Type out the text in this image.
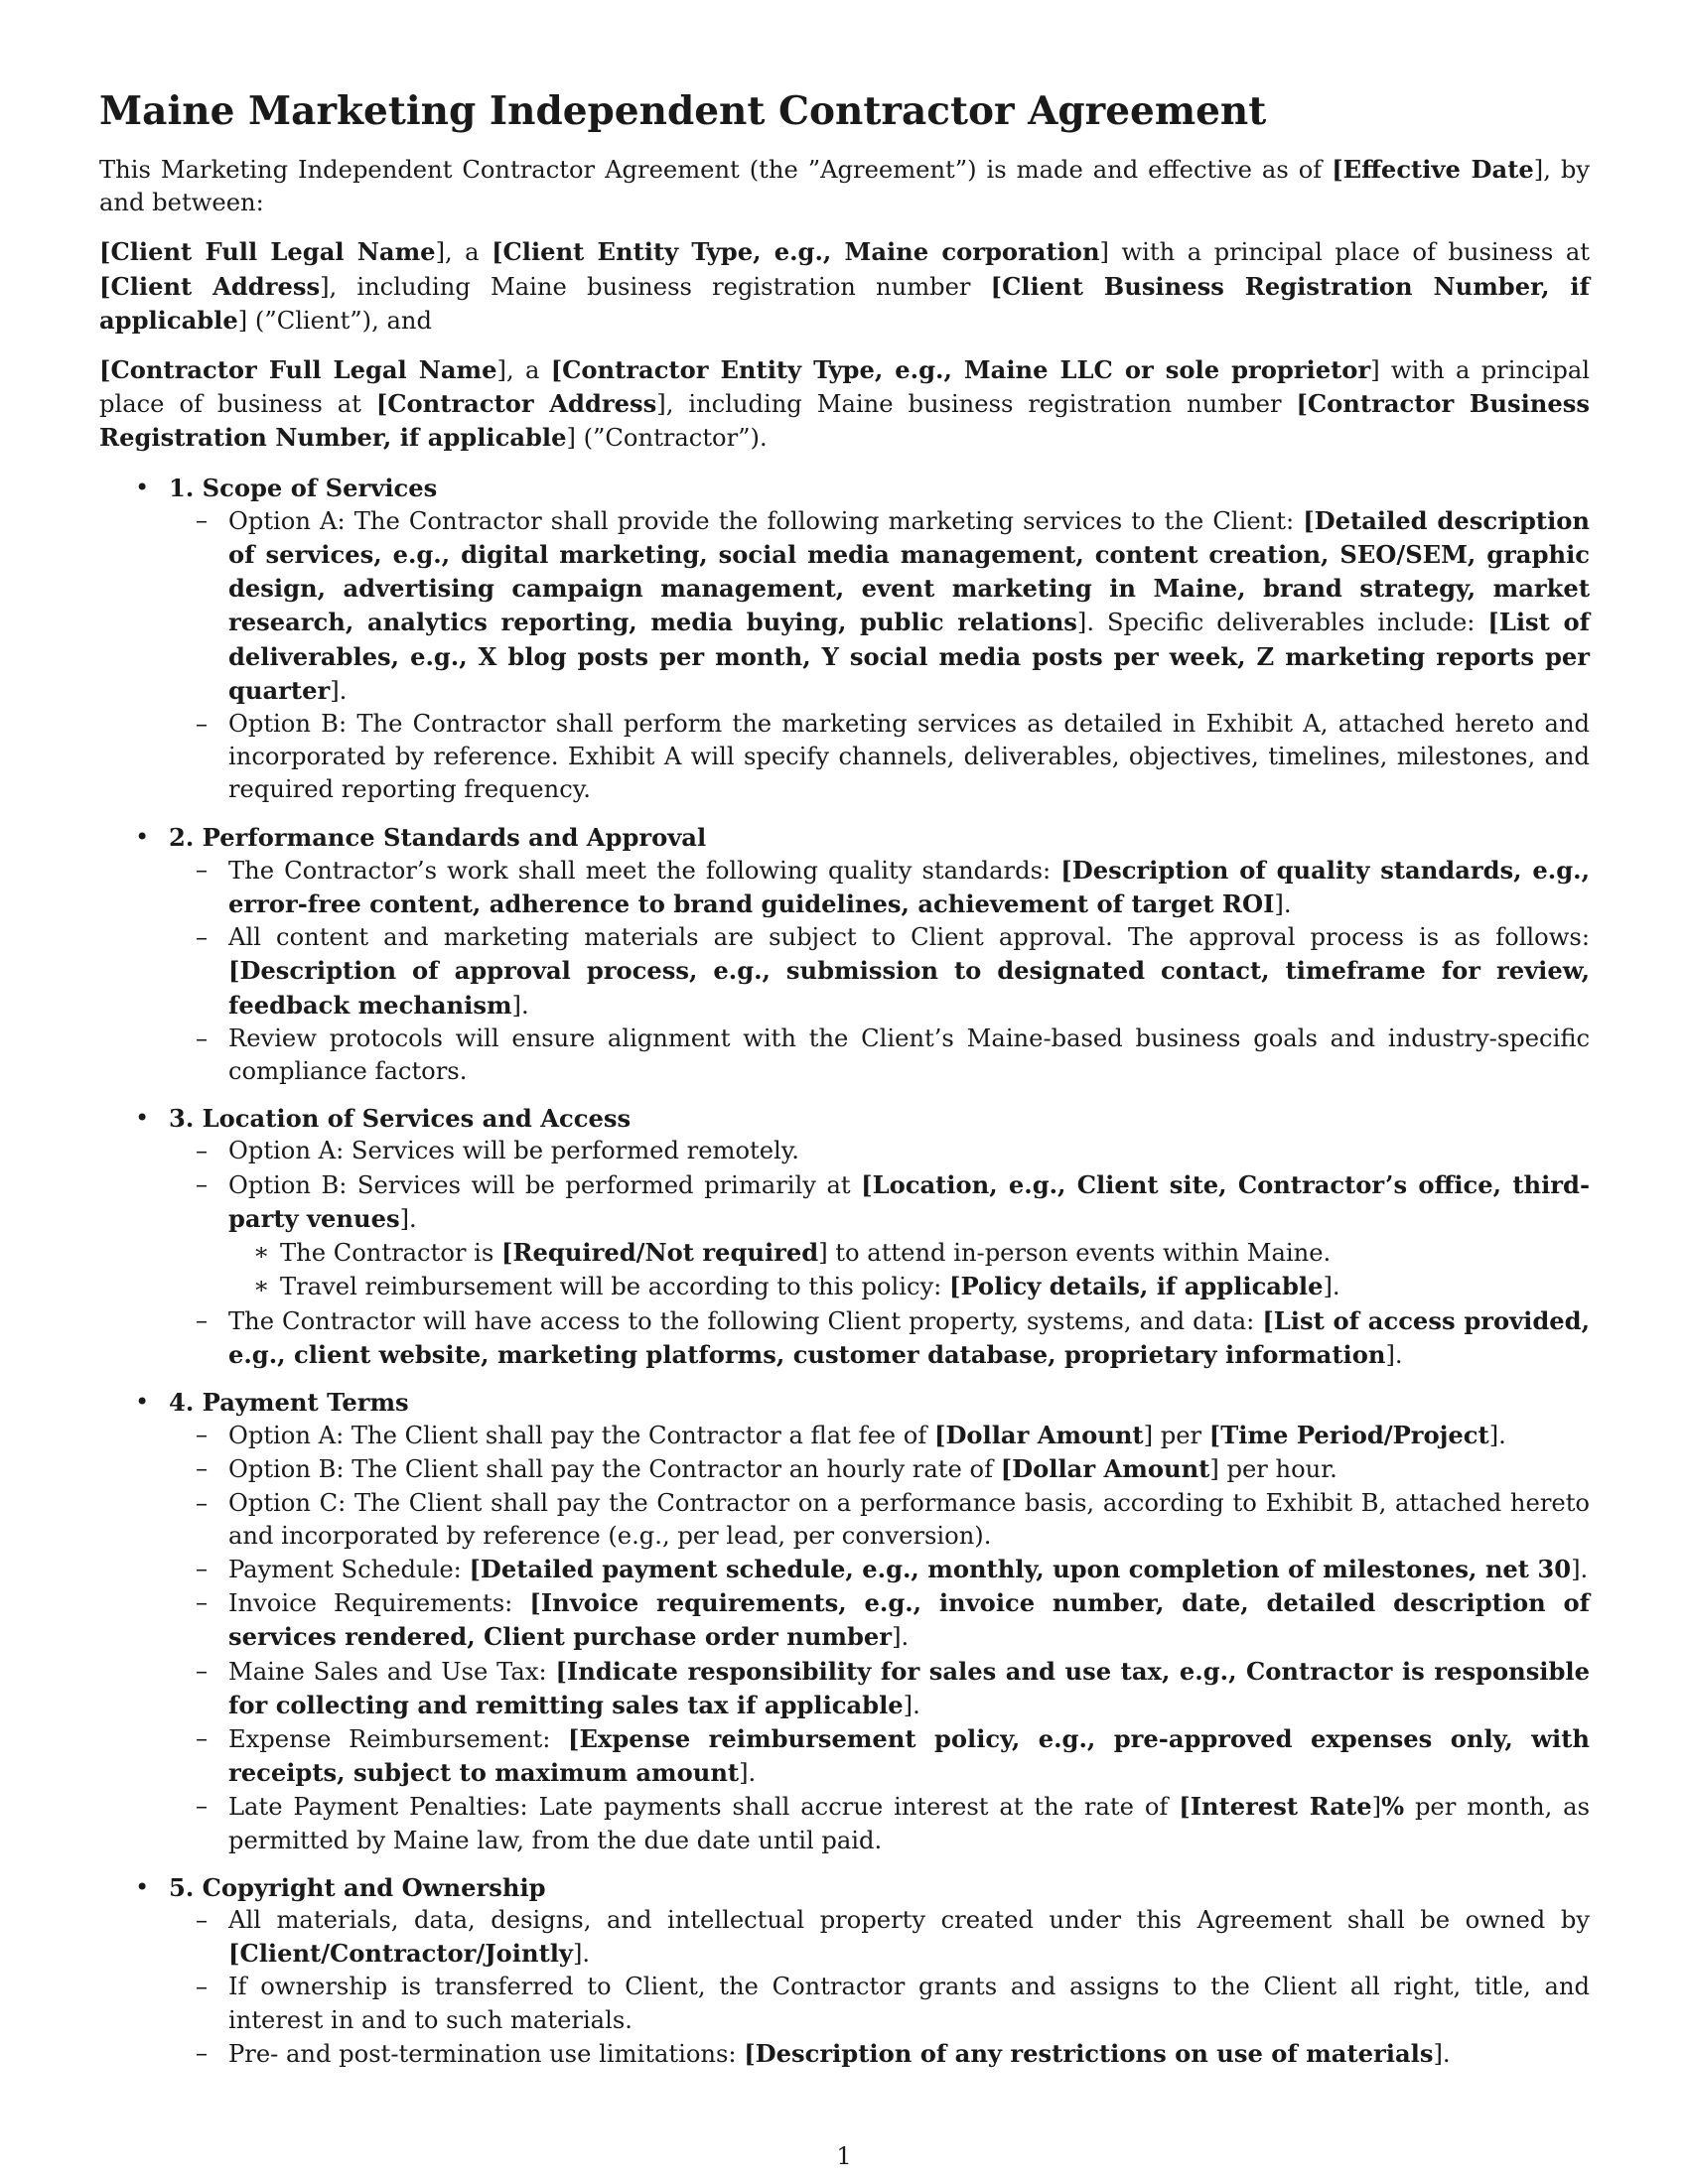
Maine Marketing Independent Contractor Agreement

This Marketing Independent Contractor Agreement (the ”Agreement”) is made and effective as of [Effective Date], by and between:

[Client Full Legal Name], a [Client Entity Type, e.g., Maine corporation] with a principal place of business at [Client Address], including Maine business registration number [Client Business Registration Number, if applicable] (”Client”), and

[Contractor Full Legal Name], a [Contractor Entity Type, e.g., Maine LLC or sole proprietor] with a principal place of business at [Contractor Address], including Maine business registration number [Contractor Business Registration Number, if applicable] (”Contractor”).

• 1. Scope of Services
– Option A: The Contractor shall provide the following marketing services to the Client: [Detailed description of services, e.g., digital marketing, social media management, content creation, SEO/SEM, graphic design, advertising campaign management, event marketing in Maine, brand strategy, market research, analytics reporting, media buying, public relations]. Specific deliverables include: [List of deliverables, e.g., X blog posts per month, Y social media posts per week, Z marketing reports per quarter].
– Option B: The Contractor shall perform the marketing services as detailed in Exhibit A, attached hereto and incorporated by reference. Exhibit A will specify channels, deliverables, objectives, timelines, milestones, and required reporting frequency.
• 2. Performance Standards and Approval
– The Contractor’s work shall meet the following quality standards: [Description of quality standards, e.g., error-free content, adherence to brand guidelines, achievement of target ROI].
– All content and marketing materials are subject to Client approval. The approval process is as follows: [Description of approval process, e.g., submission to designated contact, timeframe for review, feedback mechanism].
– Review protocols will ensure alignment with the Client’s Maine-based business goals and industry-specific compliance factors.
• 3. Location of Services and Access
– Option A: Services will be performed remotely.
– Option B: Services will be performed primarily at [Location, e.g., Client site, Contractor’s office, third-party venues].
∗ The Contractor is [Required/Not required] to attend in-person events within Maine.
∗ Travel reimbursement will be according to this policy: [Policy details, if applicable].
– The Contractor will have access to the following Client property, systems, and data: [List of access provided, e.g., client website, marketing platforms, customer database, proprietary information].
• 4. Payment Terms
– Option A: The Client shall pay the Contractor a flat fee of [Dollar Amount] per [Time Period/Project].
– Option B: The Client shall pay the Contractor an hourly rate of [Dollar Amount] per hour.
– Option C: The Client shall pay the Contractor on a performance basis, according to Exhibit B, attached hereto and incorporated by reference (e.g., per lead, per conversion).
– Payment Schedule: [Detailed payment schedule, e.g., monthly, upon completion of milestones, net 30].
– Invoice Requirements: [Invoice requirements, e.g., invoice number, date, detailed description of services rendered, Client purchase order number].
– Maine Sales and Use Tax: [Indicate responsibility for sales and use tax, e.g., Contractor is responsible for collecting and remitting sales tax if applicable].
– Expense Reimbursement: [Expense reimbursement policy, e.g., pre-approved expenses only, with receipts, subject to maximum amount].
– Late Payment Penalties: Late payments shall accrue interest at the rate of [Interest Rate]% per month, as permitted by Maine law, from the due date until paid.
• 5. Copyright and Ownership
– All materials, data, designs, and intellectual property created under this Agreement shall be owned by [Client/Contractor/Jointly].
– If ownership is transferred to Client, the Contractor grants and assigns to the Client all right, title, and interest in and to such materials.
– Pre- and post-termination use limitations: [Description of any restrictions on use of materials].
1
